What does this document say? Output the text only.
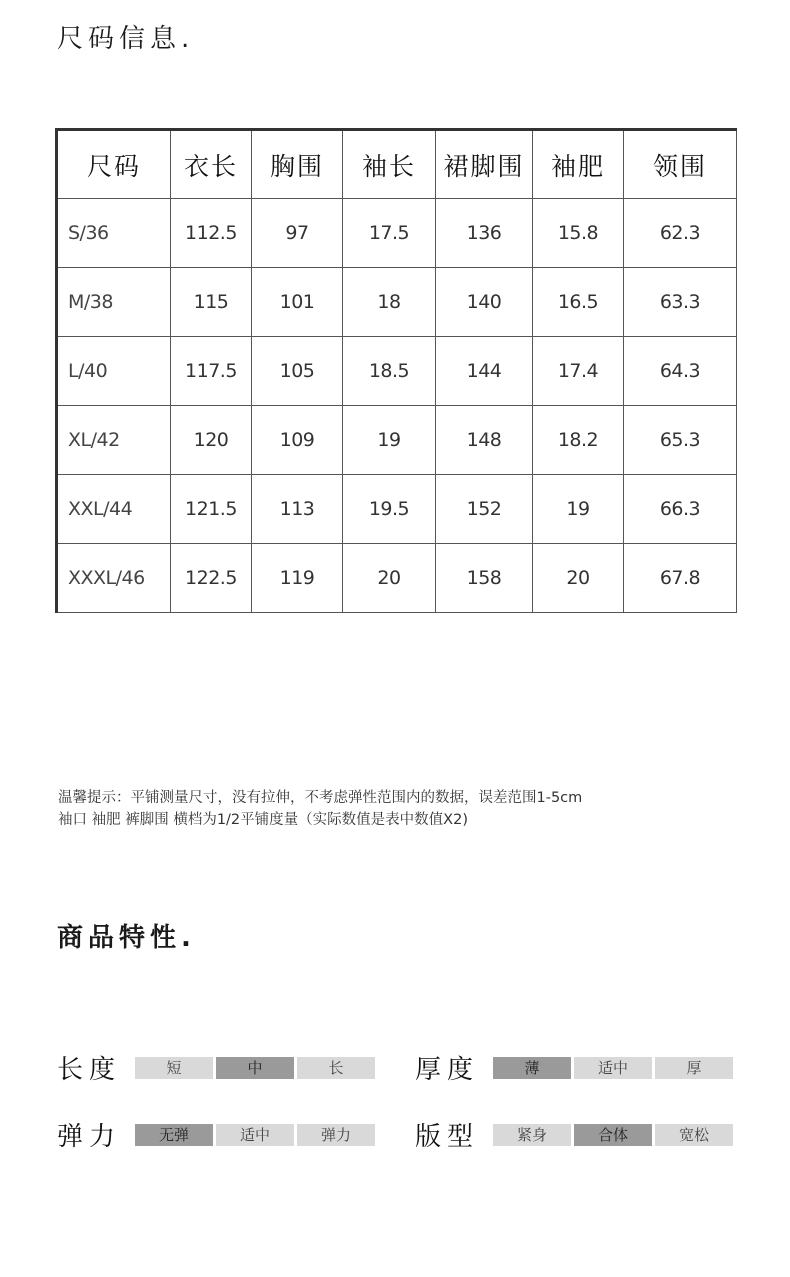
尺码信息.
尺码	衣长	胸围	袖长	裙脚围	袖肥	领围
S/36	112.5	97	17.5	136	15.8	62.3
M/38	115	101	18	140	16.5	63.3
L/40	117.5	105	18.5	144	17.4	64.3
XL/42	120	109	19	148	18.2	65.3
XXL/44	121.5	113	19.5	152	19	66.3
XXXL/46	122.5	119	20	158	20	67.8
温馨提示：平铺测量尺寸，没有拉伸，不考虑弹性范围内的数据，误差范围1-5cm
袖口 袖肥 裤脚围 横档为1/2平铺度量（实际数值是表中数值X2)
商品特性.
长度	短	中	长	厚度	薄	适中	厚
弹力	无弹	适中	弹力	版型	紧身	合体	宽松
